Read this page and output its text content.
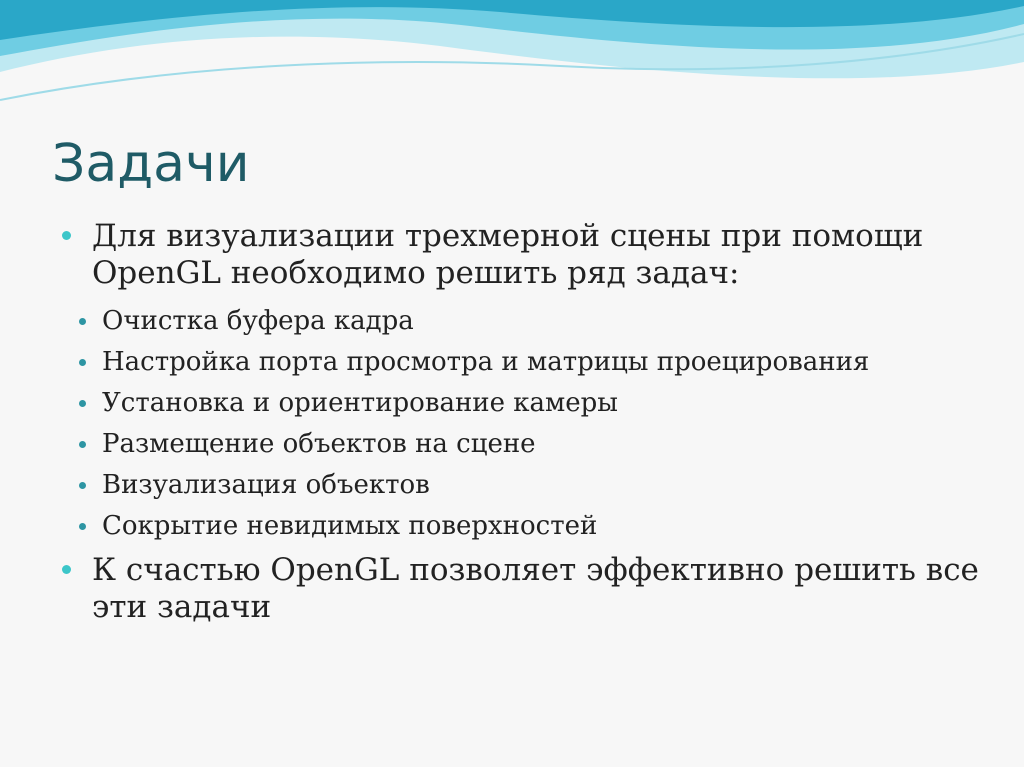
Задачи
Для визуализации трехмерной сцены при помощи OpenGL необходимо решить ряд задач:
Очистка буфера кадра
Настройка порта просмотра и матрицы проецирования
Установка и ориентирование камеры
Размещение объектов на сцене
Визуализация объектов
Сокрытие невидимых поверхностей
К счастью OpenGL позволяет эффективно решить все эти задачи
